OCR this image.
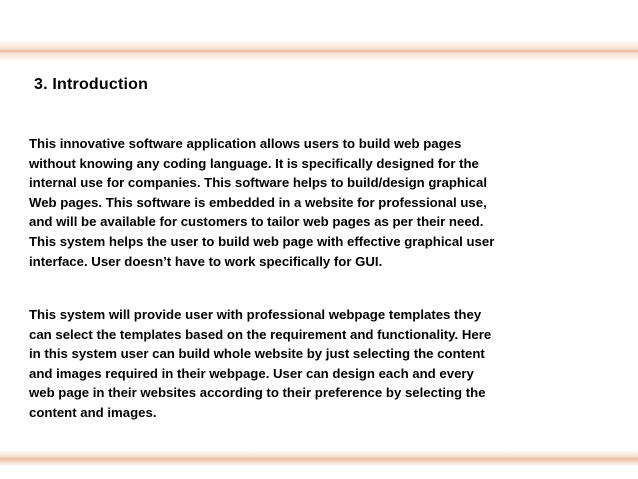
3. Introduction

This innovative software application allows users to build web pages
without knowing any coding language. It is specifically designed for the
internal use for companies. This software helps to build/design graphical
Web pages. This software is embedded in a website for professional use,
and will be available for customers to tailor web pages as per their need.
This system helps the user to build web page with effective graphical user
interface. User doesn’t have to work specifically for GUI.

This system will provide user with professional webpage templates they
can select the templates based on the requirement and functionality. Here
in this system user can build whole website by just selecting the content
and images required in their webpage. User can design each and every
web page in their websites according to their preference by selecting the
content and images.
